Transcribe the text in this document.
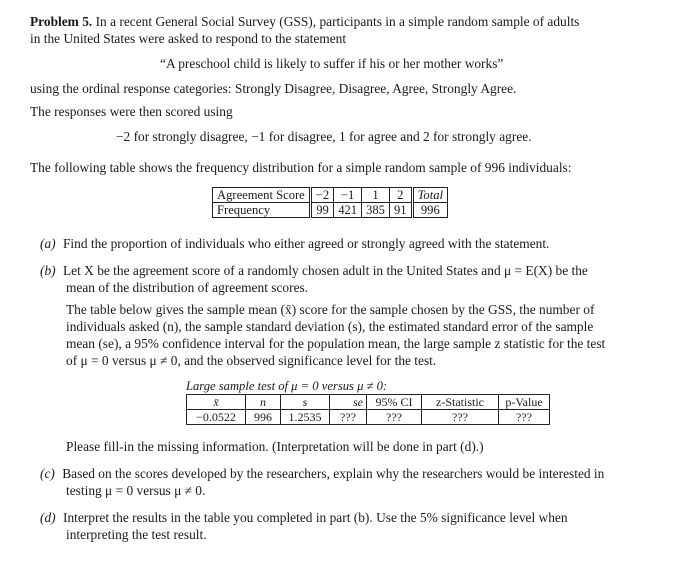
Problem 5. In a recent General Social Survey (GSS), participants in a simple random sample of adults
in the United States were asked to respond to the statement
“A preschool child is likely to suffer if his or her mother works”
using the ordinal response categories: Strongly Disagree, Disagree, Agree, Strongly Agree.
The responses were then scored using
−2 for strongly disagree, −1 for disagree, 1 for agree and 2 for strongly agree.
The following table shows the frequency distribution for a simple random sample of 996 individuals:
Agreement Score	−2	−1	1	2	Total
Frequency	99	421	385	91	996
(a) Find the proportion of individuals who either agreed or strongly agreed with the statement.
(b) Let X be the agreement score of a randomly chosen adult in the United States and μ = E(X) be the
mean of the distribution of agreement scores.
The table below gives the sample mean (x̄) score for the sample chosen by the GSS, the number of
individuals asked (n), the sample standard deviation (s), the estimated standard error of the sample
mean (se), a 95% confidence interval for the population mean, the large sample z statistic for the test
of μ = 0 versus μ ≠ 0, and the observed significance level for the test.
Large sample test of μ = 0 versus μ ≠ 0:
x̄	n	s	se	95% CI	z-Statistic	p-Value
−0.0522	996	1.2535	???	???	???	???
Please fill-in the missing information. (Interpretation will be done in part (d).)
(c) Based on the scores developed by the researchers, explain why the researchers would be interested in
testing μ = 0 versus μ ≠ 0.
(d) Interpret the results in the table you completed in part (b). Use the 5% significance level when
interpreting the test result.
